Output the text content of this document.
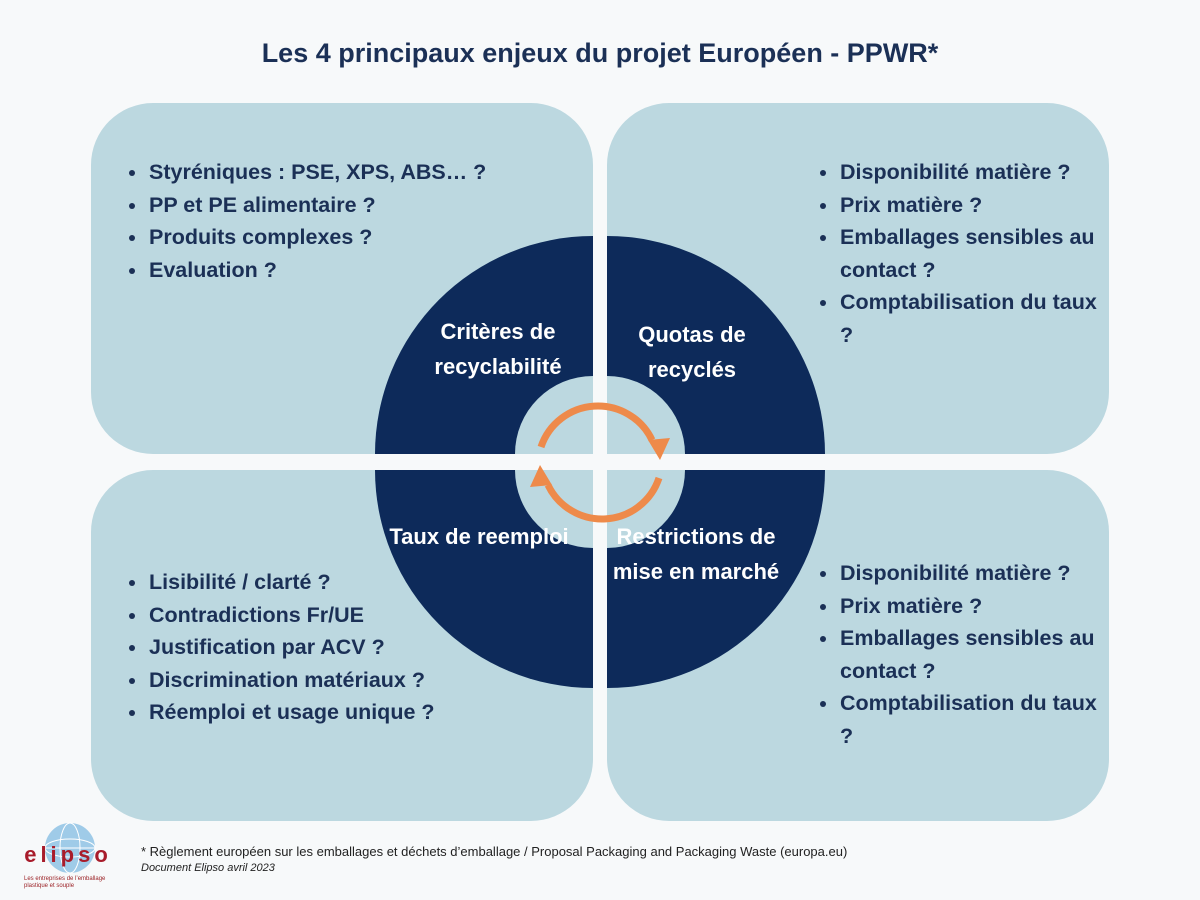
Les 4 principaux enjeux du projet Européen - PPWR*
elipso
Styréniques : PSE, XPS, ABS… ?
PP et PE alimentaire ?
Produits complexes ?
Evaluation ?
Disponibilité matière ?
Prix matière ?
Emballages sensibles au contact ?
Comptabilisation du taux ?
Lisibilité / clarté ?
Contradictions Fr/UE
Justification par ACV ?
Discrimination matériaux ?
Réemploi et usage unique ?
Disponibilité matière ?
Prix matière ?
Emballages sensibles au contact ?
Comptabilisation du taux ?
Critères de recyclabilité
Quotas de recyclés
Taux de reemploi	Restrictions de mise en marché
Les entreprises de l’emballage plastique et souple
* Règlement européen sur les emballages et déchets d’emballage / Proposal Packaging and Packaging Waste (europa.eu)
Document Elipso avril 2023
